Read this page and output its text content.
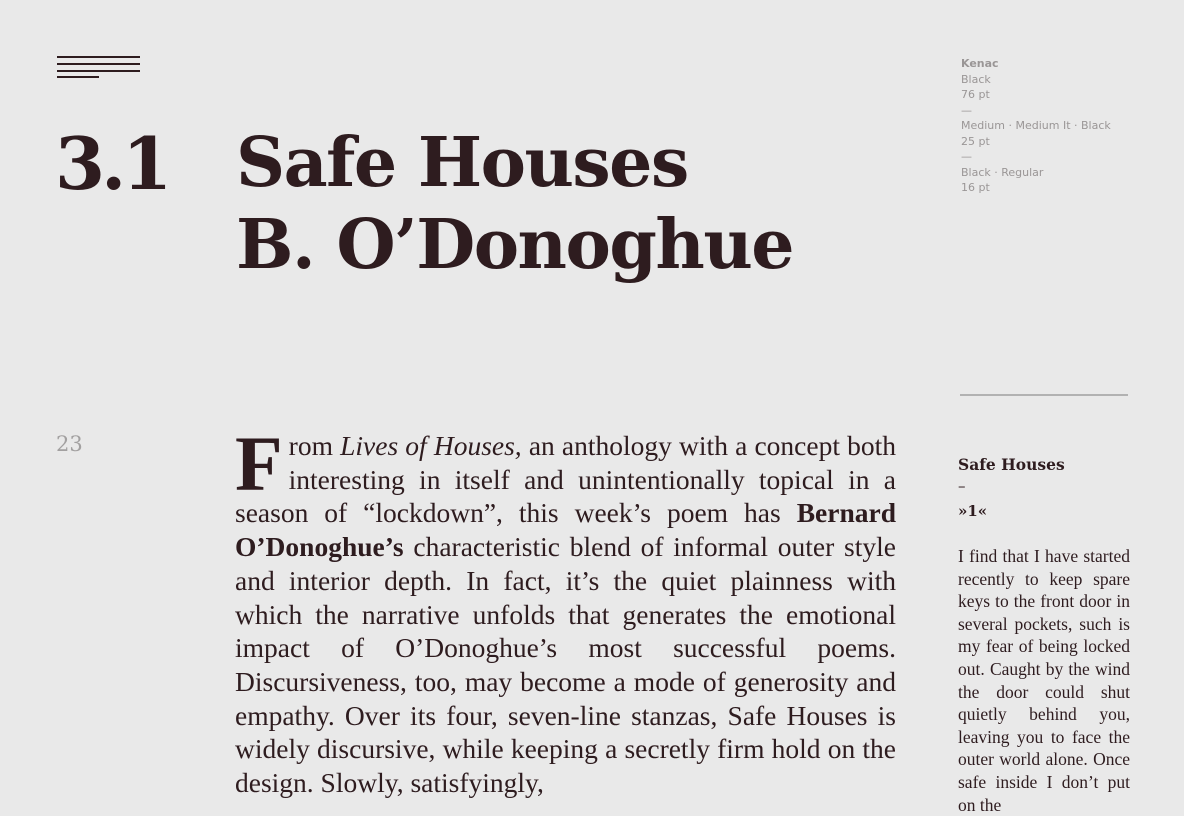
3.1 Safe Houses
B. O’Donoghue
Kenac
Black
76 pt
—
Medium · Medium It · Black
25 pt
—
Black · Regular
16 pt
23 From Lives of Houses, an anthology with a concept both interesting in itself and unintentionally topical in a season of “lockdown”, this week’s poem has Bernard O’Donoghue’s characteristic blend of informal outer style and interior depth. In fact, it’s the quiet plainness with which the narrative unfolds that generates the emotional impact of O’Donoghue’s most successful poems. Discursiveness, too, may become a mode of generosity and empathy. Over its four, seven-line stanzas, Safe Houses is widely discursive, while keeping a secretly firm hold on the design. Slowly, satisfyingly,

Safe Houses
–
»1«

I find that I have started recently to keep spare keys to the front door in several pockets, such is my fear of being locked out. Caught by the wind the door could shut quietly behind you, leaving you to face the outer world alone. Once safe inside I don’t put on the
